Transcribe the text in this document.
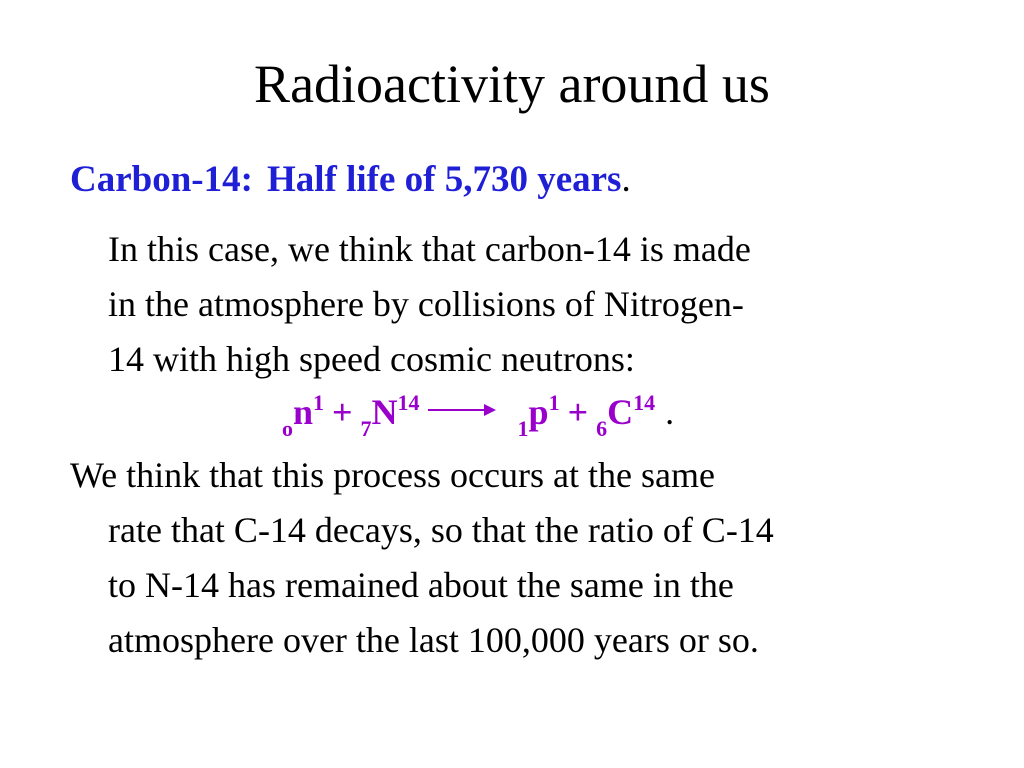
Radioactivity around us
Carbon-14: Half life of 5,730 years.
In this case, we think that carbon-14 is made
in the atmosphere by collisions of Nitrogen-
14 with high speed cosmic neutrons:
$_on^1 + _7N^{14} \to_1p^1 + _6C^{14}$ .
We think that this process occurs at the same
rate that C-14 decays, so that the ratio of C-14
to N-14 has remained about the same in the
atmosphere over the last 100,000 years or so.
